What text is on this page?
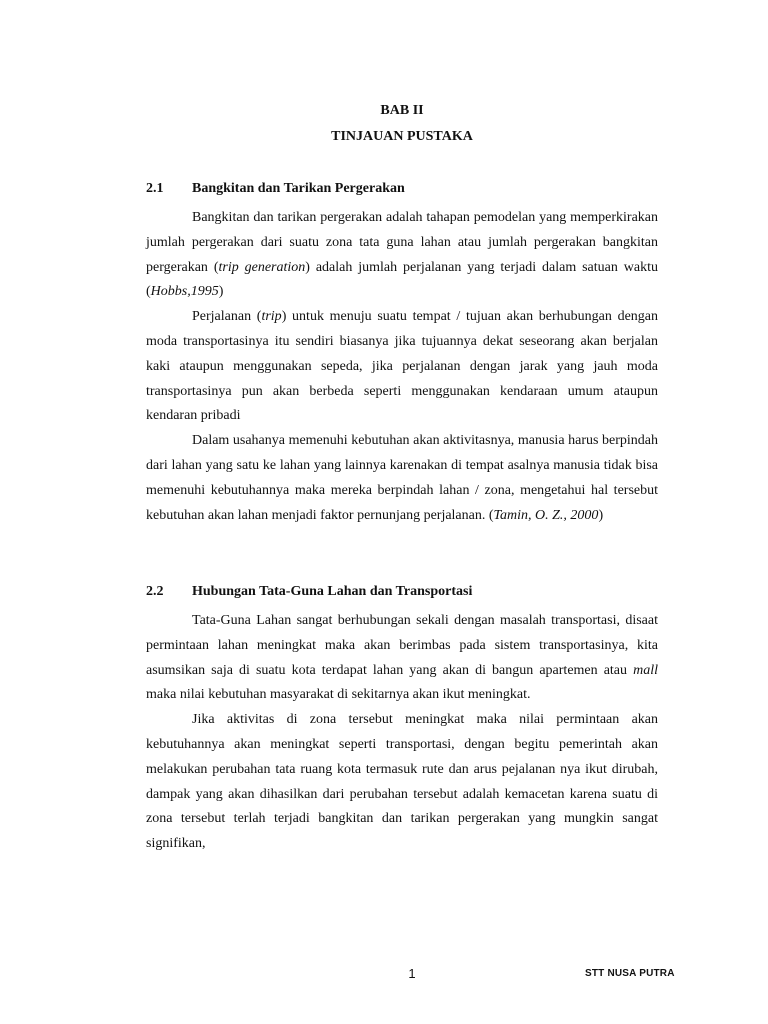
BAB II

TINJAUAN PUSTAKA

2.1	Bangkitan dan Tarikan Pergerakan

Bangkitan dan tarikan pergerakan adalah tahapan pemodelan yang memperkirakan jumlah pergerakan dari suatu zona tata guna lahan atau jumlah pergerakan bangkitan pergerakan (trip generation) adalah jumlah perjalanan yang terjadi dalam satuan waktu (Hobbs,1995)

Perjalanan (trip) untuk menuju suatu tempat / tujuan akan berhubungan dengan moda transportasinya itu sendiri biasanya jika tujuannya dekat seseorang akan berjalan kaki ataupun menggunakan sepeda, jika perjalanan dengan jarak yang jauh moda transportasinya pun akan berbeda seperti menggunakan kendaraan umum ataupun kendaran pribadi

Dalam usahanya memenuhi kebutuhan akan aktivitasnya, manusia harus berpindah dari lahan yang satu ke lahan yang lainnya karenakan di tempat asalnya manusia tidak bisa memenuhi kebutuhannya maka mereka berpindah lahan / zona, mengetahui hal tersebut kebutuhan akan lahan menjadi faktor pernunjang perjalanan. (Tamin, O. Z., 2000)

2.2	Hubungan Tata-Guna Lahan dan Transportasi

Tata-Guna Lahan sangat berhubungan sekali dengan masalah transportasi, disaat permintaan lahan meningkat maka akan berimbas pada sistem transportasinya, kita asumsikan saja di suatu kota terdapat lahan yang akan di bangun apartemen atau mall maka nilai kebutuhan masyarakat di sekitarnya akan ikut meningkat.

Jika aktivitas di zona tersebut meningkat maka nilai permintaan akan kebutuhannya akan meningkat seperti transportasi, dengan begitu pemerintah akan melakukan perubahan tata ruang kota termasuk rute dan arus pejalanan nya ikut dirubah, dampak yang akan dihasilkan dari perubahan tersebut adalah kemacetan karena suatu di zona tersebut terlah terjadi bangkitan dan tarikan pergerakan yang mungkin sangat signifikan,

1	STT NUSA PUTRA
